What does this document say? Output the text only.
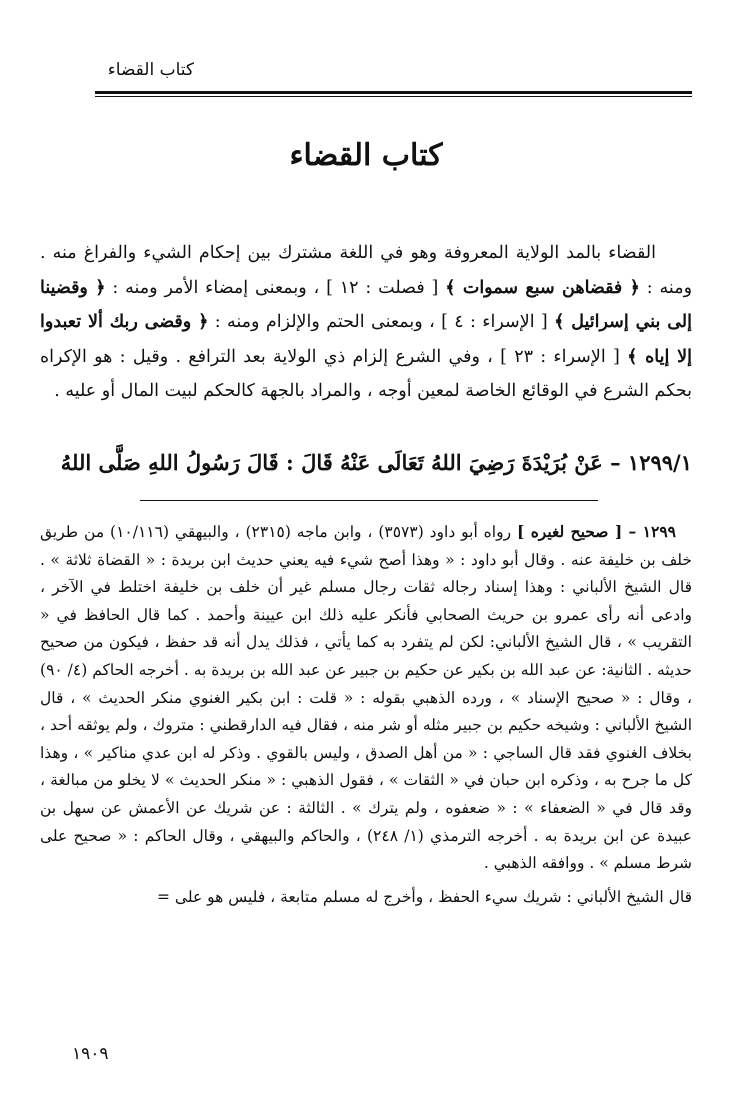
كتاب القضاء
كتاب القضاء

القضاء بالمد الولاية المعروفة وهو في اللغة مشترك بين إحكام الشيء والفراغ منه . ومنه : ﴿ فقضاهن سبع سموات ﴾ [ فصلت : ١٢ ] ، وبمعنى إمضاء الأمر ومنه : ﴿ وقضينا إلى بني إسرائيل ﴾ [ الإسراء : ٤ ] ، وبمعنى الحتم والإلزام ومنه : ﴿ وقضى ربك ألا تعبدوا إلا إياه ﴾ [ الإسراء : ٢٣ ] ، وفي الشرع إلزام ذي الولاية بعد الترافع . وقيل : هو الإكراه بحكم الشرع في الوقائع الخاصة لمعين أوجه ، والمراد بالجهة كالحكم لبيت المال أو عليه .

١٢٩٩/١ – عَنْ بُرَيْدَةَ رَضِيَ اللهُ تَعَالَى عَنْهُ قَالَ : قَالَ رَسُولُ اللهِ صَلَّى اللهُ

١٢٩٩ – [ صحيح لغيره ] رواه أبو داود (٣٥٧٣) ، وابن ماجه (٢٣١٥) ، والبيهقي (١٠/١١٦) من طريق خلف بن خليفة عنه . وقال أبو داود : « وهذا أصح شيء فيه يعني حديث ابن بريدة : « القضاة ثلاثة » . قال الشيخ الألباني : وهذا إسناد رجاله ثقات رجال مسلم غير أن خلف بن خليفة اختلط في الآخر ، وادعى أنه رأى عمرو بن حريث الصحابي فأنكر عليه ذلك ابن عيينة وأحمد . كما قال الحافظ في « التقريب » ، قال الشيخ الألباني: لكن لم يتفرد به كما يأتي ، فذلك يدل أنه قد حفظ ، فيكون من صحيح حديثه . الثانية: عن عبد الله بن بكير عن حكيم بن جبير عن عبد الله بن بريدة به . أخرجه الحاكم (٤/ ٩٠) ، وقال : « صحيح الإسناد » ، ورده الذهبي بقوله : « قلت : ابن بكير الغنوي منكر الحديث » ، قال الشيخ الألباني : وشيخه حكيم بن جبير مثله أو شر منه ، فقال فيه الدارقطني : متروك ، ولم يوثقه أحد ، بخلاف الغنوي فقد قال الساجي : « من أهل الصدق ، وليس بالقوي . وذكر له ابن عدي مناكير » ، وهذا كل ما جرح به ، وذكره ابن حبان في « الثقات » ، فقول الذهبي : « منكر الحديث » لا يخلو من مبالغة ، وقد قال في « الضعفاء » : « ضعفوه ، ولم يترك » . الثالثة : عن شريك عن الأعمش عن سهل بن عبيدة عن ابن بريدة به . أخرجه الترمذي (١/ ٢٤٨) ، والحاكم والبيهقي ، وقال الحاكم : « صحيح على شرط مسلم » . ووافقه الذهبي .

قال الشيخ الألباني : شريك سيء الحفظ ، وأخرج له مسلم متابعة ، فليس هو على =

١٩٠٩
